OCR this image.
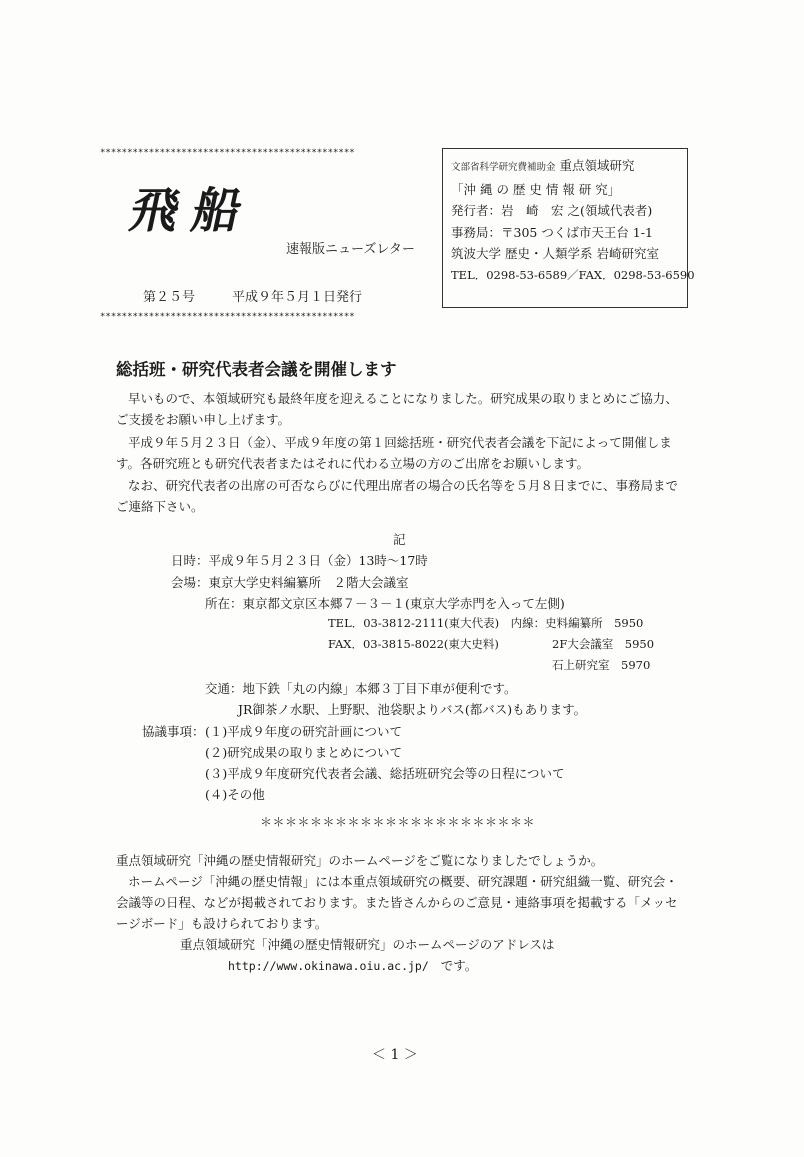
***********************************************
飛船
速報版ニューズレター
第２５号	平成９年５月１日発行
***********************************************
文部省科学研究費補助金 重点領域研究
「沖 縄 の 歴 史 情 報 研 究」
発行者：岩　崎　宏 之(領域代表者)
事務局：〒305 つくば市天王台 1-1
筑波大学 歴史・人類学系 岩崎研究室
TEL．0298-53-6589／FAX．0298-53-6590
総括班・研究代表者会議を開催します
早いもので、本領域研究も最終年度を迎えることになりました。研究成果の取りまとめにご協力、
ご支援をお願い申し上げます。
平成９年５月２３日（金）、平成９年度の第１回総括班・研究代表者会議を下記によって開催しま
す。各研究班とも研究代表者またはそれに代わる立場の方のご出席をお願いします。
なお、研究代表者の出席の可否ならびに代理出席者の場合の氏名等を５月８日までに、事務局まで
ご連絡下さい。
記
日時：平成９年５月２３日（金）13時～17時
会場：東京大学史料編纂所　２階大会議室
所在：東京都文京区本郷７－３－１(東京大学赤門を入って左側)
TEL．03-3812-2111(東大代表)　内線：史料編纂所　5950
FAX．03-3815-8022(東大史料)	2F大会議室　5950
石上研究室　5970
交通：地下鉄「丸の内線」本郷３丁目下車が便利です。
JR御茶ノ水駅、上野駅、池袋駅よりバス(都バス)もあります。
協議事項： (１)平成９年度の研究計画について
(２)研究成果の取りまとめについて
(３)平成９年度研究代表者会議、総括班研究会等の日程について
(４)その他
＊＊＊＊＊＊＊＊＊＊＊＊＊＊＊＊＊＊＊＊＊＊
重点領域研究「沖縄の歴史情報研究」のホームページをご覧になりましたでしょうか。
ホームページ「沖縄の歴史情報」には本重点領域研究の概要、研究課題・研究組織一覧、研究会・
会議等の日程、などが掲載されております。また皆さんからのご意見・連絡事項を掲載する「メッセ
ージボード」も設けられております。
重点領域研究「沖縄の歴史情報研究」のホームページのアドレスは
http://www.okinawa.oiu.ac.jp/ です。
＜ 1 ＞
